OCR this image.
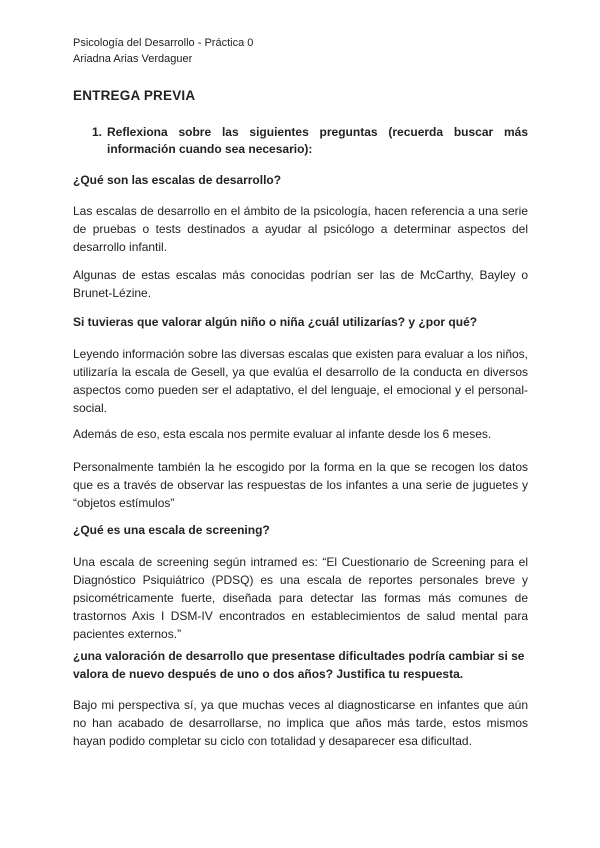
Psicología del Desarrollo - Práctica 0
Ariadna Arias Verdaguer
ENTREGA PREVIA
1. Reflexiona sobre las siguientes preguntas (recuerda buscar más información cuando sea necesario):
¿Qué son las escalas de desarrollo?
Las escalas de desarrollo en el ámbito de la psicología, hacen referencia a una serie de pruebas o tests destinados a ayudar al psicólogo a determinar aspectos del desarrollo infantil.
Algunas de estas escalas más conocidas podrían ser las de McCarthy, Bayley o Brunet-Lézine.
Si tuvieras que valorar algún niño o niña ¿cuál utilizarías? y ¿por qué?
Leyendo información sobre las diversas escalas que existen para evaluar a los niños, utilizaría la escala de Gesell, ya que evalúa el desarrollo de la conducta en diversos aspectos como pueden ser el adaptativo, el del lenguaje, el emocional y el personal-social.
Además de eso, esta escala nos permite evaluar al infante desde los 6 meses.
Personalmente también la he escogido por la forma en la que se recogen los datos que es a través de observar las respuestas de los infantes a una serie de juguetes y “objetos estímulos”
¿Qué es una escala de screening?
Una escala de screening según intramed es: “El Cuestionario de Screening para el Diagnóstico Psiquiátrico (PDSQ) es una escala de reportes personales breve y psicométricamente fuerte, diseñada para detectar las formas más comunes de trastornos Axis I DSM-IV encontrados en establecimientos de salud mental para pacientes externos.”
¿una valoración de desarrollo que presentase dificultades podría cambiar si se valora de nuevo después de uno o dos años? Justifica tu respuesta.
Bajo mi perspectiva sí, ya que muchas veces al diagnosticarse en infantes que aún no han acabado de desarrollarse, no implica que años más tarde, estos mismos hayan podido completar su ciclo con totalidad y desaparecer esa dificultad.
